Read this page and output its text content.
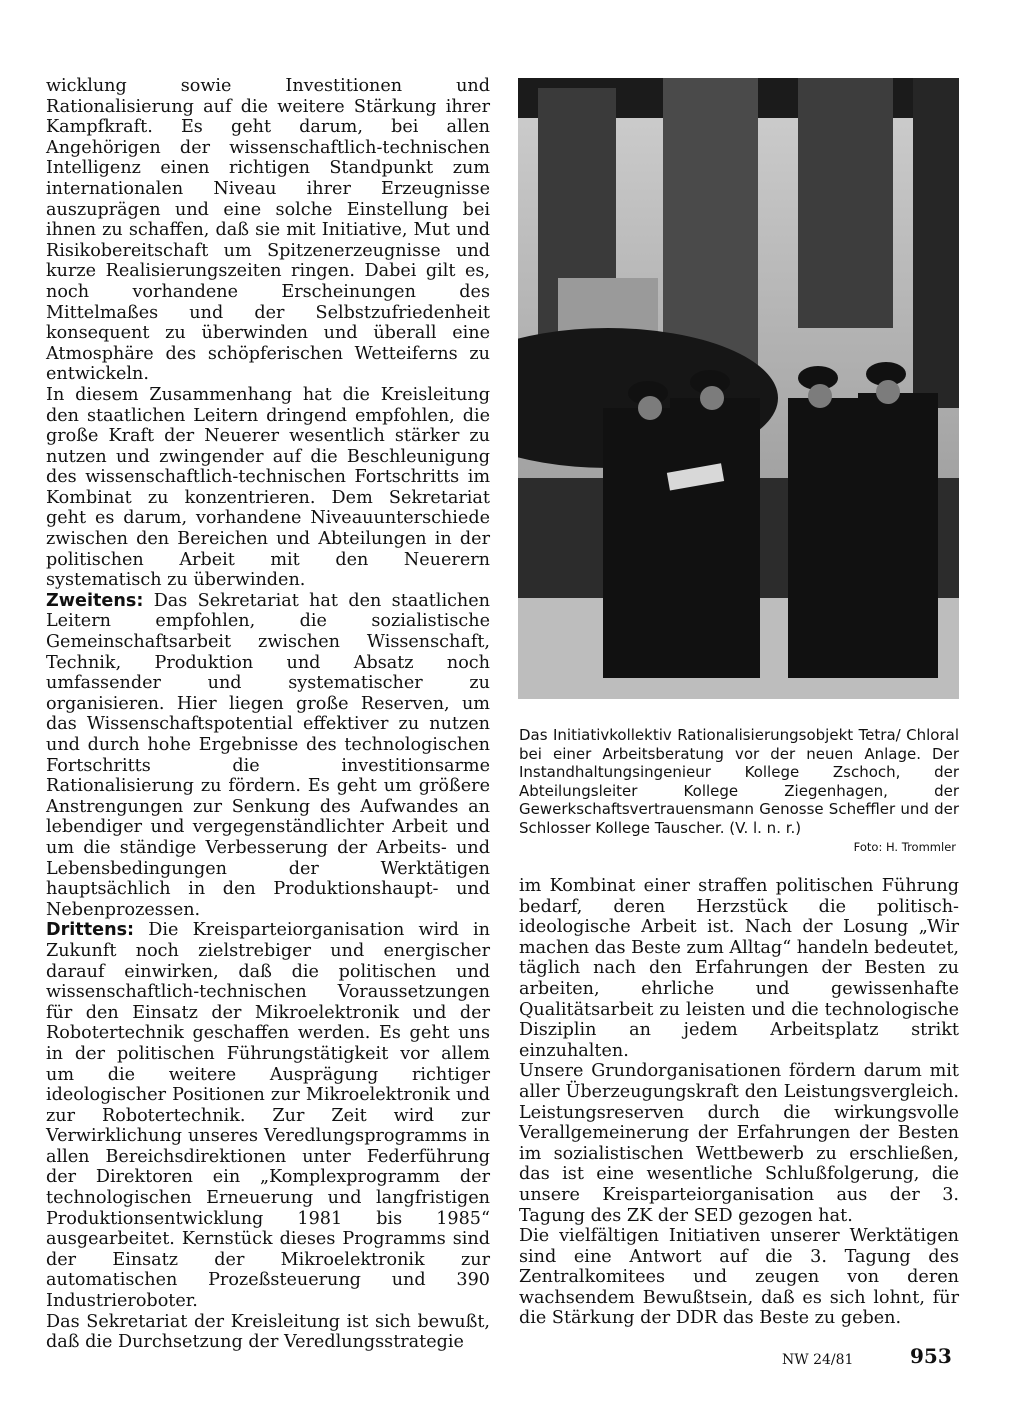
wicklung sowie Investitionen und Rationalisierung auf die weitere Stärkung ihrer Kampfkraft. Es geht darum, bei allen Angehörigen der wissenschaftlich-technischen Intelligenz einen richtigen Standpunkt zum internationalen Niveau ihrer Erzeugnisse auszuprägen und eine solche Einstellung bei ihnen zu schaffen, daß sie mit Initiative, Mut und Risikobereitschaft um Spitzenerzeugnisse und kurze Realisierungszeiten ringen. Dabei gilt es, noch vorhandene Erscheinungen des Mittelmaßes und der Selbstzufriedenheit konsequent zu überwinden und überall eine Atmosphäre des schöpferischen Wetteiferns zu entwickeln.

In diesem Zusammenhang hat die Kreisleitung den staatlichen Leitern dringend empfohlen, die große Kraft der Neuerer wesentlich stärker zu nutzen und zwingender auf die Beschleunigung des wissenschaftlich-technischen Fortschritts im Kombinat zu konzentrieren. Dem Sekretariat geht es darum, vorhandene Niveauunterschiede zwischen den Bereichen und Abteilungen in der politischen Arbeit mit den Neuerern systematisch zu überwinden.

Zweitens: Das Sekretariat hat den staatlichen Leitern empfohlen, die sozialistische Gemeinschaftsarbeit zwischen Wissenschaft, Technik, Produktion und Absatz noch umfassender und systematischer zu organisieren. Hier liegen große Reserven, um das Wissenschaftspotential effektiver zu nutzen und durch hohe Ergebnisse des technologischen Fortschritts die investitionsarme Rationalisierung zu fördern. Es geht um größere Anstrengungen zur Senkung des Aufwandes an lebendiger und vergegenständlichter Arbeit und um die ständige Verbesserung der Arbeits- und Lebensbedingungen der Werktätigen hauptsächlich in den Produktionshaupt- und Nebenprozessen.

Drittens: Die Kreisparteiorganisation wird in Zukunft noch zielstrebiger und energischer darauf einwirken, daß die politischen und wissenschaftlich-technischen Voraussetzungen für den Einsatz der Mikroelektronik und der Robotertechnik geschaffen werden. Es geht uns in der politischen Führungstätigkeit vor allem um die weitere Ausprägung richtiger ideologischer Positionen zur Mikroelektronik und zur Robotertechnik. Zur Zeit wird zur Verwirklichung unseres Veredlungsprogramms in allen Bereichsdirektionen unter Federführung der Direktoren ein „Komplexprogramm der technologischen Erneuerung und langfristigen Produktionsentwicklung 1981 bis 1985“ ausgearbeitet. Kernstück dieses Programms sind der Einsatz der Mikroelektronik zur automatischen Prozeßsteuerung und 390 Industrieroboter.

Das Sekretariat der Kreisleitung ist sich bewußt, daß die Durchsetzung der Veredlungsstrategie

Das Initiativkollektiv Rationalisierungsobjekt Tetra/ Chloral bei einer Arbeitsberatung vor der neuen Anlage. Der Instandhaltungsingenieur Kollege Zschoch, der Abteilungsleiter Kollege Ziegenhagen, der Gewerkschaftsvertrauensmann Genosse Scheffler und der Schlosser Kollege Tauscher. (V. l. n. r.)
Foto: H. Trommler

im Kombinat einer straffen politischen Führung bedarf, deren Herzstück die politisch-ideologische Arbeit ist. Nach der Losung „Wir machen das Beste zum Alltag“ handeln bedeutet, täglich nach den Erfahrungen der Besten zu arbeiten, ehrliche und gewissenhafte Qualitätsarbeit zu leisten und die technologische Disziplin an jedem Arbeitsplatz strikt einzuhalten.

Unsere Grundorganisationen fördern darum mit aller Überzeugungskraft den Leistungsvergleich. Leistungsreserven durch die wirkungsvolle Verallgemeinerung der Erfahrungen der Besten im sozialistischen Wettbewerb zu erschließen, das ist eine wesentliche Schlußfolgerung, die unsere Kreisparteiorganisation aus der 3. Tagung des ZK der SED gezogen hat.

Die vielfältigen Initiativen unserer Werktätigen sind eine Antwort auf die 3. Tagung des Zentralkomitees und zeugen von deren wachsendem Bewußtsein, daß es sich lohnt, für die Stärkung der DDR das Beste zu geben.

NW 24/81	953
